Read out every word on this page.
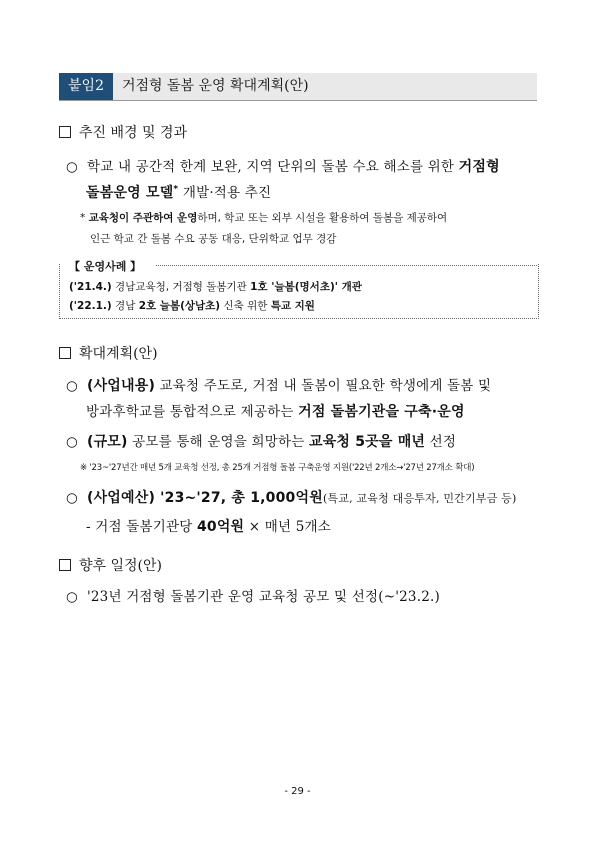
붙임2	거점형 돌봄 운영 확대계획(안)
추진 배경 및 경과
○ 학교 내 공간적 한계 보완, 지역 단위의 돌봄 수요 해소를 위한 거점형
돌봄운영 모델* 개발·적용 추진
* 교육청이 주관하여 운영하며, 학교 또는 외부 시설을 활용하여 돌봄을 제공하여
인근 학교 간 돌봄 수요 공동 대응, 단위학교 업무 경감
【 운영사례 】
('21.4.) 경남교육청, 거점형 돌봄기관 1호 '늘봄(명서초)' 개관
('22.1.) 경남 2호 늘봄(상남초) 신축 위한 특교 지원
확대계획(안)
○ (사업내용) 교육청 주도로, 거점 내 돌봄이 필요한 학생에게 돌봄 및
방과후학교를 통합적으로 제공하는 거점 돌봄기관을 구축·운영
○ (규모) 공모를 통해 운영을 희망하는 교육청 5곳을 매년 선정
※ '23~'27년간 매년 5개 교육청 선정, 총 25개 거점형 돌봄 구축운영 지원('22년 2개소→'27년 27개소 확대)
○ (사업예산) '23~'27, 총 1,000억원(특교, 교육청 대응투자, 민간기부금 등)
- 거점 돌봄기관당 40억원 × 매년 5개소
향후 일정(안)
○ '23년 거점형 돌봄기관 운영 교육청 공모 및 선정(~'23.2.)
- 29 -
